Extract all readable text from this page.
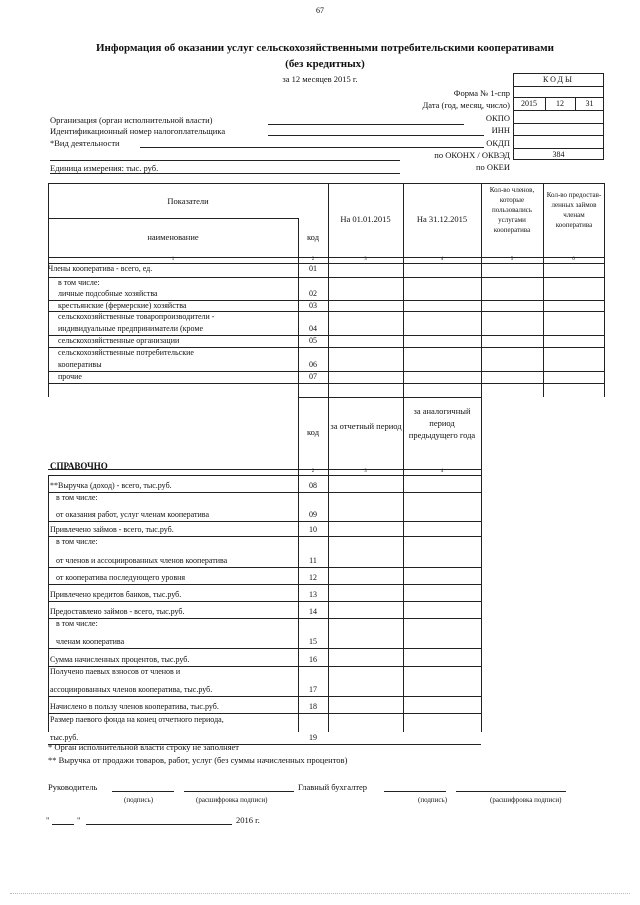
67
Информация об оказании услуг сельскохозяйственными потребительскими кооперативами
(без кредитных)
за 12 месяцев 2015 г.	КОДЫ
2015	12	31
384
Форма № 1-спр
Дата (год, месяц, число)
ОКПО
ИНН
ОКДП
по ОКОНХ / ОКВЭД
по ОКЕИ
Организация (орган исполнительной власти)
Идентификационный номер налогоплательщика
*Вид деятельности
Единица измерения: тыс. руб.
Показатели
наименование	код
На 01.01.2015	На 31.12.2015
Кол-во членов, которые пользовались услугами кооператива
Кол-во предостав- ленных займов членам кооператива
1	2	3	4	5	6
Члены кооператива - всего, ед.	01
в том числе:
личные подсобные хозяйства	02
крестьянские (фермерские) хозяйства	03
сельскохозяйственные товаропроизводители -
индивидуальные предприниматели (кроме	04
сельскохозяйственные организации	05
сельскохозяйственные потребительские
кооперативы	06
прочие	07
код
за отчетный период
за аналогичный период предыдущего года
СПРАВОЧНО
2	3	4
**Выручка (доход) - всего, тыс.руб.	08
в том числе:
от оказания работ, услуг членам кооператива	09
Привлечено займов - всего, тыс.руб.	10
в том числе:
от членов и ассоциированных членов кооператива	11
от кооператива последующего уровня	12
Привлечено кредитов банков, тыс.руб.	13
Предоставлено займов - всего, тыс.руб.	14
в том числе:
членам кооператива	15
Сумма начисленных процентов, тыс.руб.	16
Получено паевых взносов от членов и
ассоциированных членов кооператива, тыс.руб.	17
Начислено в пользу членов кооператива, тыс.руб.	18
Размер паевого фонда на конец отчетного периода,
тыс.руб.	19
* Орган исполнительной власти строку не заполняет
** Выручка от продажи товаров, работ, услуг (без суммы начисленных процентов)
Руководитель
(подпись)	(расшифровка подписи)
Главный бухгалтер
(подпись)	(расшифровка подписи)
"	"	2016 г.
